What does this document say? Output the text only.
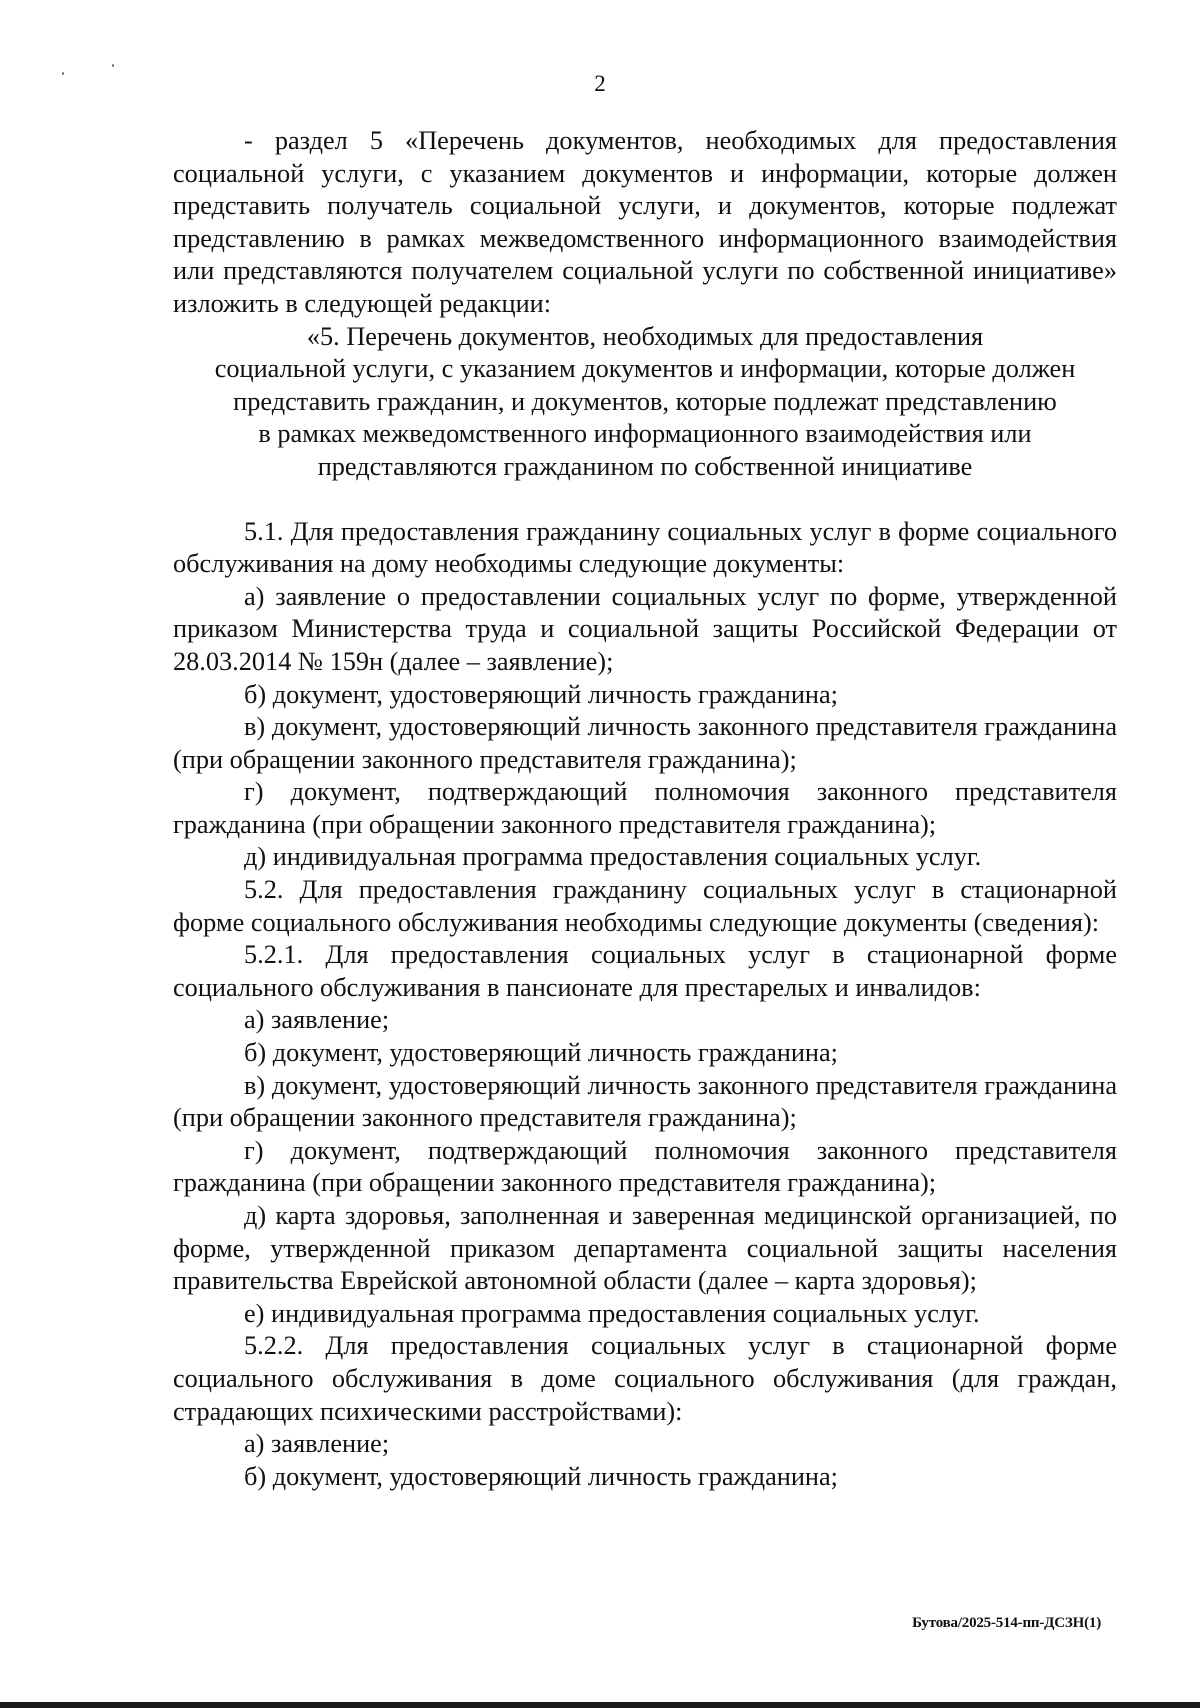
2

- раздел 5 «Перечень документов, необходимых для предоставления социальной услуги, с указанием документов и информации, которые должен представить получатель социальной услуги, и документов, которые подлежат представлению в рамках межведомственного информационного взаимодействия или представляются получателем социальной услуги по собственной инициативе» изложить в следующей редакции:

«5. Перечень документов, необходимых для предоставления
социальной услуги, с указанием документов и информации, которые должен
представить гражданин, и документов, которые подлежат представлению
в рамках межведомственного информационного взаимодействия или
представляются гражданином по собственной инициативе

5.1. Для предоставления гражданину социальных услуг в форме социального обслуживания на дому необходимы следующие документы:

а) заявление о предоставлении социальных услуг по форме, утвержденной приказом Министерства труда и социальной защиты Российской Федерации от 28.03.2014 № 159н (далее – заявление);

б) документ, удостоверяющий личность гражданина;

в) документ, удостоверяющий личность законного представителя гражданина (при обращении законного представителя гражданина);

г) документ, подтверждающий полномочия законного представителя гражданина (при обращении законного представителя гражданина);

д) индивидуальная программа предоставления социальных услуг.

5.2. Для предоставления гражданину социальных услуг в стационарной форме социального обслуживания необходимы следующие документы (сведения):

5.2.1. Для предоставления социальных услуг в стационарной форме социального обслуживания в пансионате для престарелых и инвалидов:

а) заявление;

б) документ, удостоверяющий личность гражданина;

в) документ, удостоверяющий личность законного представителя гражданина (при обращении законного представителя гражданина);

г) документ, подтверждающий полномочия законного представителя гражданина (при обращении законного представителя гражданина);

д) карта здоровья, заполненная и заверенная медицинской организацией, по форме, утвержденной приказом департамента социальной защиты населения правительства Еврейской автономной области (далее – карта здоровья);

е) индивидуальная программа предоставления социальных услуг.

5.2.2. Для предоставления социальных услуг в стационарной форме социального обслуживания в доме социального обслуживания (для граждан, страдающих психическими расстройствами):

а) заявление;

б) документ, удостоверяющий личность гражданина;

Бутова/2025-514-пп-ДСЗН(1)
